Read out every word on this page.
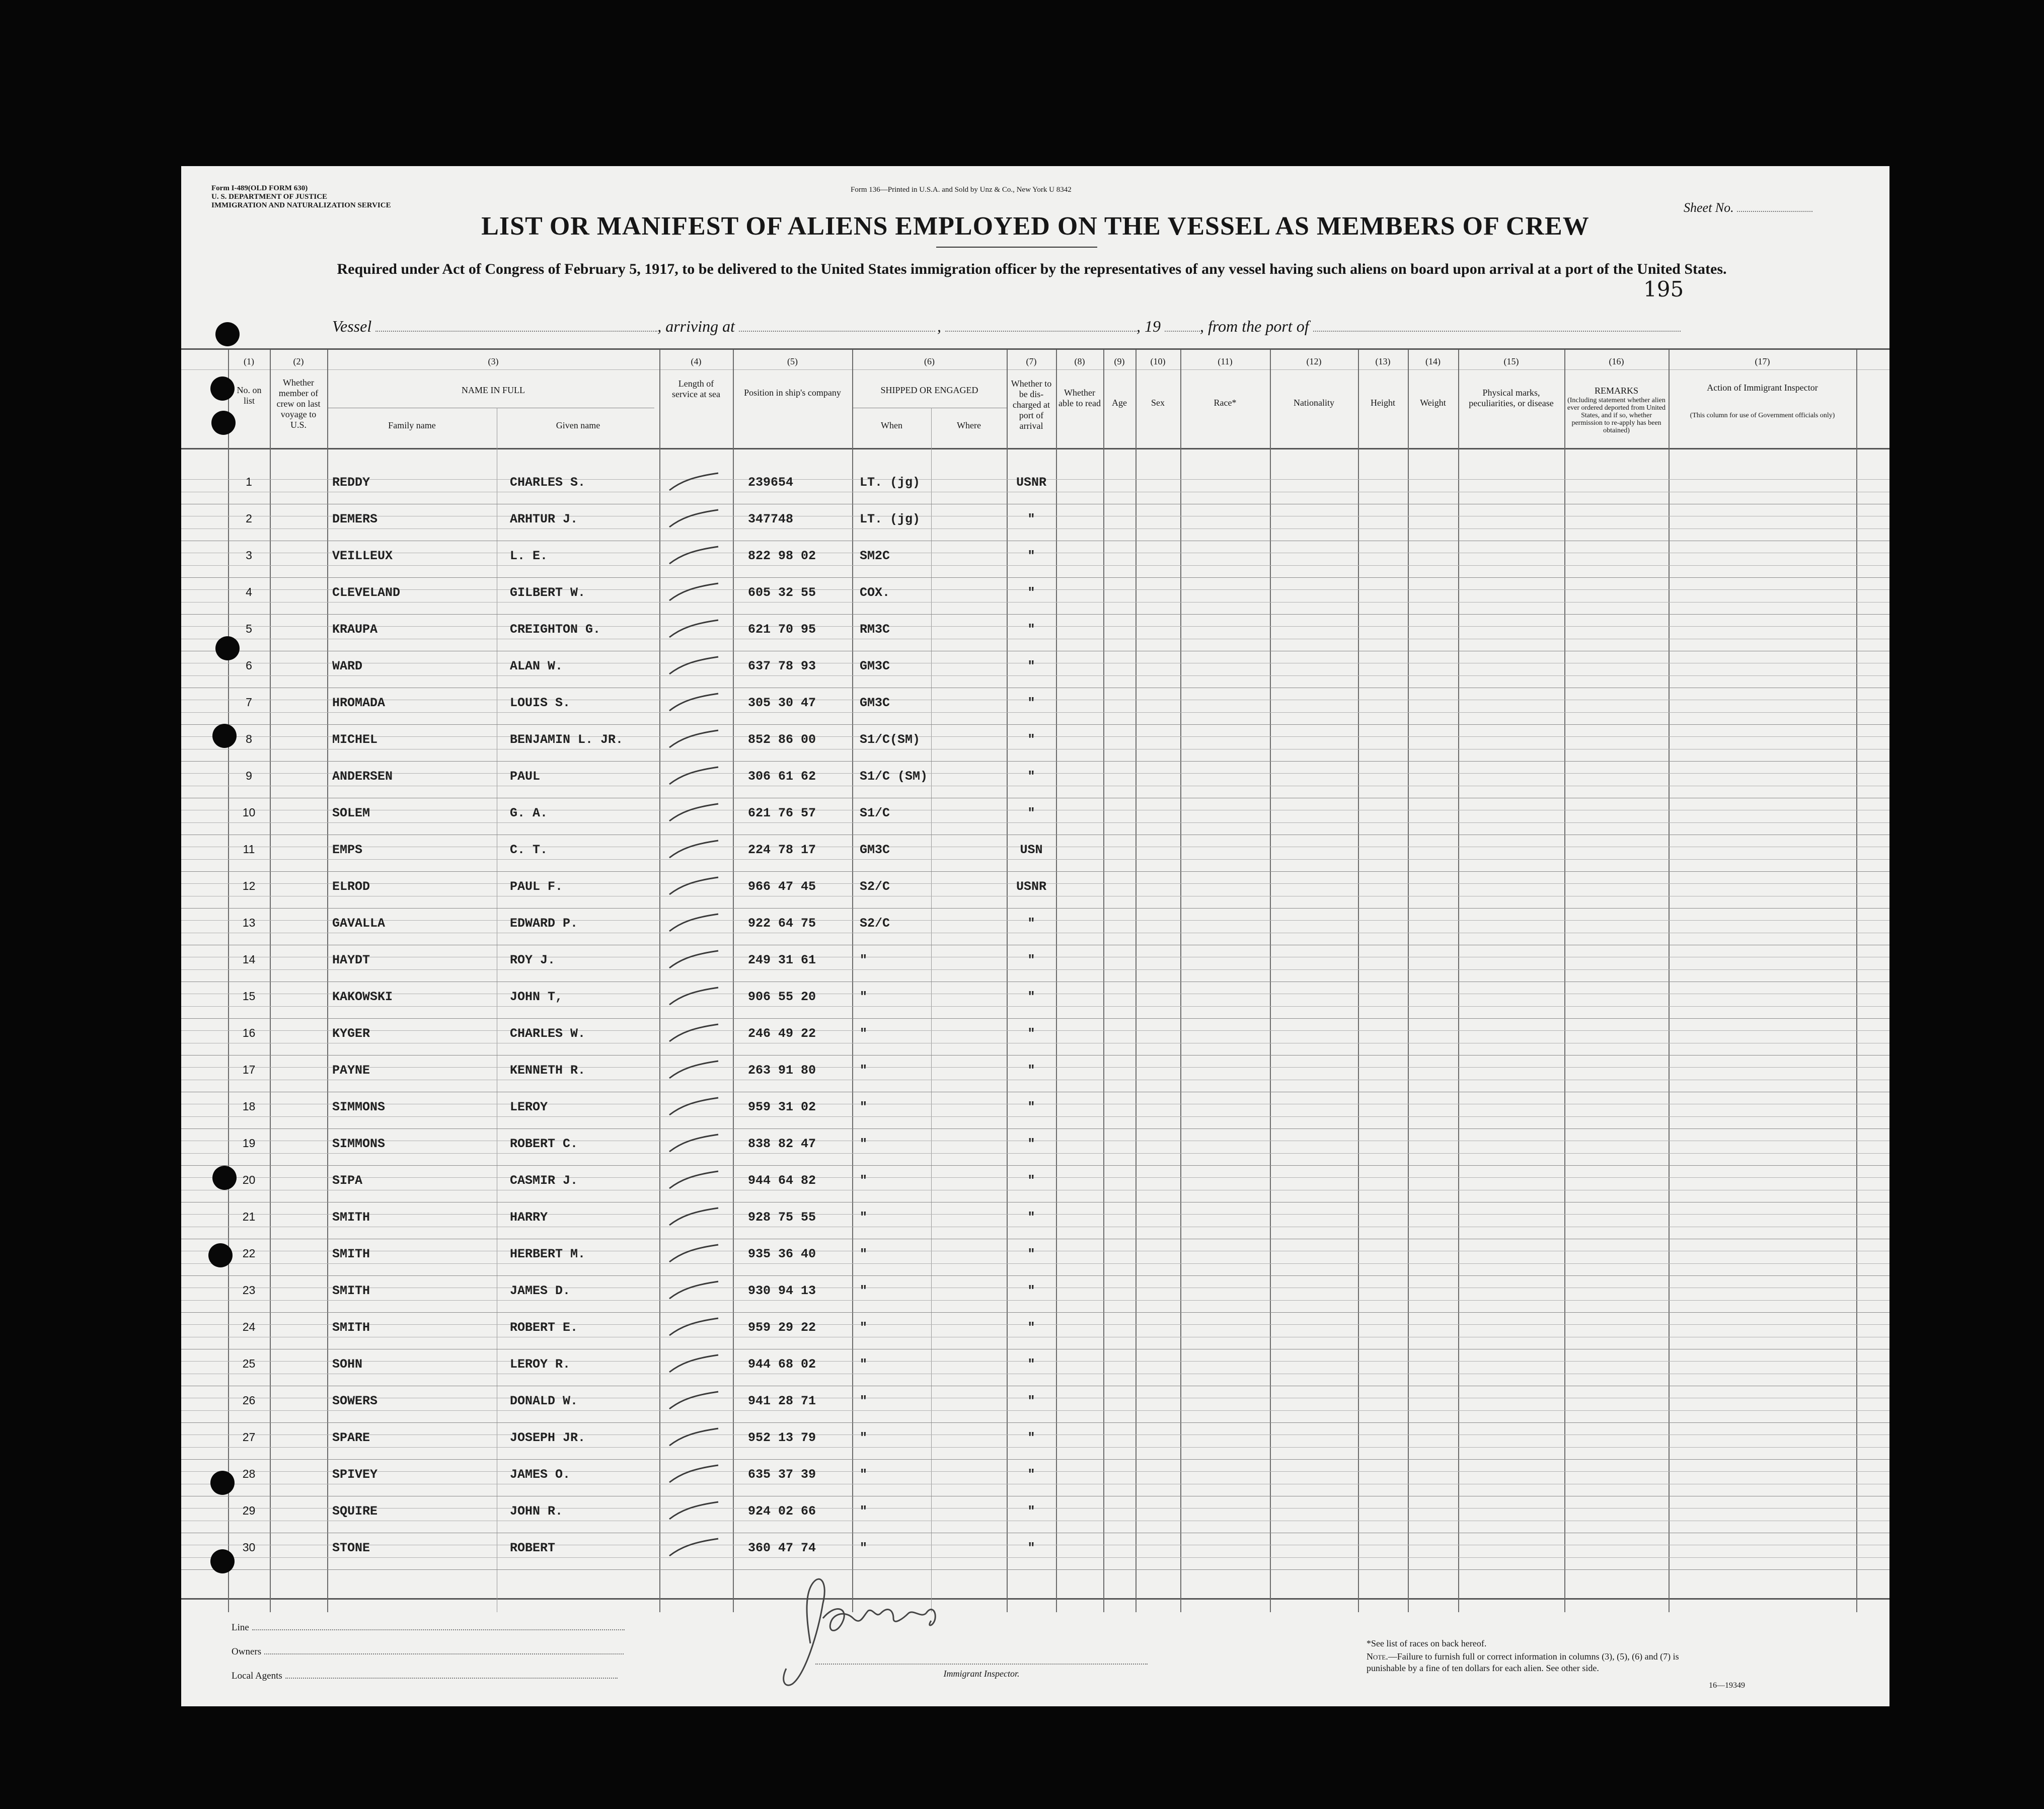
Form I-489(OLD FORM 630)
U. S. DEPARTMENT OF JUSTICE
IMMIGRATION AND NATURALIZATION SERVICE
Form 136—Printed in U.S.A. and Sold by Unz & Co., New York U 8342
Sheet No.
LIST OR MANIFEST OF ALIENS EMPLOYED ON THE VESSEL AS MEMBERS OF CREW
Required under Act of Congress of February 5, 1917, to be delivered to the United States immigration officer by the representatives of any vessel having such aliens on board upon arrival at a port of the United States.
195
Vessel	, arriving at	,	, 19 , from the port of
(1)	(2)	(3)	(4)	(5)	(6)	(7)	(8)	(9)	(10)	(11)	(12)	(13)	(14)	(15)	(16)	(17)
No. on list
Whether member of crew on last voyage to U.S.
NAME IN FULL
Family name	Given name
Length of service at sea	Position in ship's company	SHIPPED OR ENGAGED
When	Where
Whether to be dis-charged at port of arrival
Whether able to read	Age	Sex	Race*	Nationality	Height	Weight
Physical marks, peculiarities, or disease
REMARKS
(Including statement whether alien ever ordered deported from United States, and if so, whether permission to re-apply has been obtained)
Action of Immigrant Inspector
(This column for use of Government officials only)
1	REDDY	CHARLES S.	239654	LT. (jg)	USNR
2	DEMERS	ARHTUR J.	347748	LT. (jg)	"
3	VEILLEUX	L. E.	822 98 02	SM2C	"
4	CLEVELAND	GILBERT W.	605 32 55	COX.	"
5	KRAUPA	CREIGHTON G.	621 70 95	RM3C	"
6	WARD	ALAN W.	637 78 93	GM3C	"
7	HROMADA	LOUIS S.	305 30 47	GM3C	"
8	MICHEL	BENJAMIN L. JR.	852 86 00	S1/C(SM)	"
9	ANDERSEN	PAUL	306 61 62	S1/C (SM)	"
10	SOLEM	G. A.	621 76 57	S1/C	"
11	EMPS	C. T.	224 78 17	GM3C	USN
12	ELROD	PAUL F.	966 47 45	S2/C	USNR
13	GAVALLA	EDWARD P.	922 64 75	S2/C	"
14	HAYDT	ROY J.	249 31 61	"	"
15	KAKOWSKI	JOHN T,	906 55 20	"	"
16	KYGER	CHARLES W.	246 49 22	"	"
17	PAYNE	KENNETH R.	263 91 80	"	"
18	SIMMONS	LEROY	959 31 02	"	"
19	SIMMONS	ROBERT C.	838 82 47	"	"
20	SIPA	CASMIR J.	944 64 82	"	"
21	SMITH	HARRY	928 75 55	"	"
22	SMITH	HERBERT M.	935 36 40	"	"
23	SMITH	JAMES D.	930 94 13	"	"
24	SMITH	ROBERT E.	959 29 22	"	"
25	SOHN	LEROY R.	944 68 02	"	"
26	SOWERS	DONALD W.	941 28 71	"	"
27	SPARE	JOSEPH JR.	952 13 79	"	"
28	SPIVEY	JAMES O.	635 37 39	"	"
29	SQUIRE	JOHN R.	924 02 66	"	"
30	STONE	ROBERT	360 47 74	"	"
Line
Owners
Local Agents	Immigrant Inspector.
*See list of races on back hereof.
Note.—Failure to furnish full or correct information in columns (3), (5), (6) and (7) is punishable by a fine of ten dollars for each alien. See other side.
16—19349
